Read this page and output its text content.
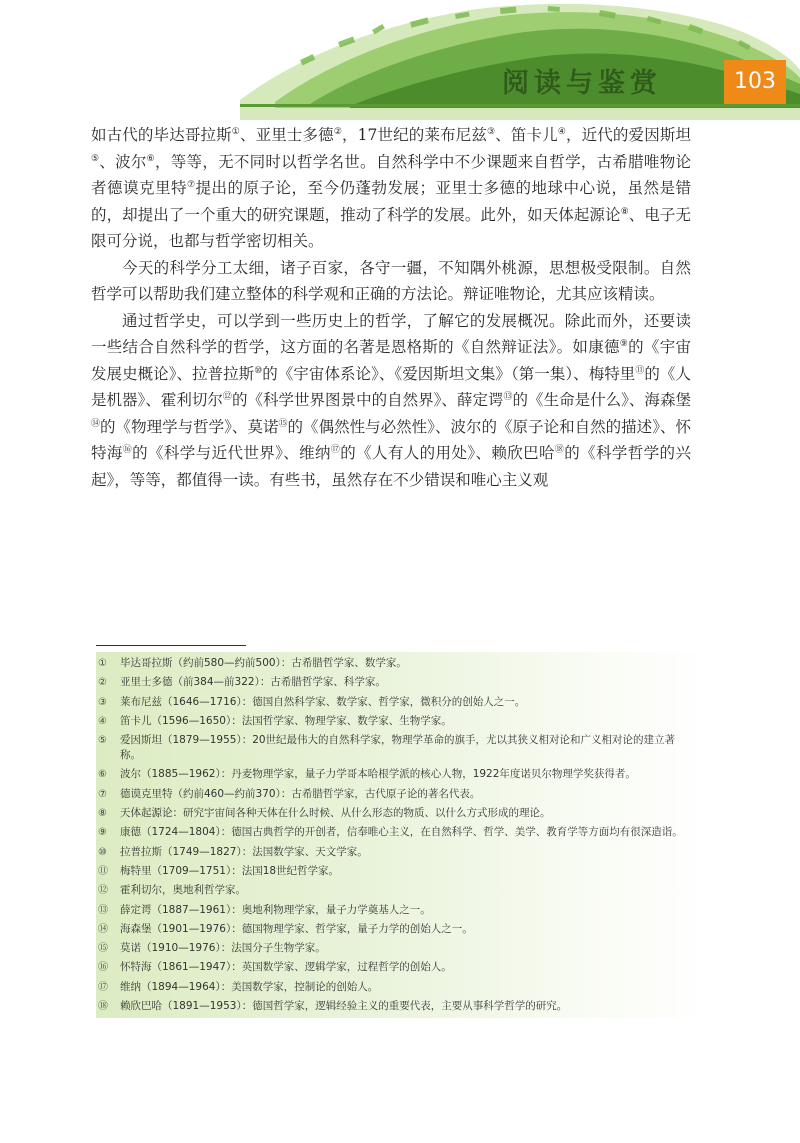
阅读与鉴赏	103

如古代的毕达哥拉斯①、亚里士多德②，17世纪的莱布尼兹③、笛卡儿④，近代的爱因斯坦⑤、波尔⑥，等等，无不同时以哲学名世。自然科学中不少课题来自哲学，古希腊唯物论者德谟克里特⑦提出的原子论，至今仍蓬勃发展；亚里士多德的地球中心说，虽然是错的，却提出了一个重大的研究课题，推动了科学的发展。此外，如天体起源论⑧、电子无限可分说，也都与哲学密切相关。

今天的科学分工太细，诸子百家，各守一疆，不知隅外桃源，思想极受限制。自然哲学可以帮助我们建立整体的科学观和正确的方法论。辩证唯物论，尤其应该精读。

通过哲学史，可以学到一些历史上的哲学，了解它的发展概况。除此而外，还要读一些结合自然科学的哲学，这方面的名著是恩格斯的《自然辩证法》。如康德⑨的《宇宙发展史概论》、拉普拉斯⑩的《宇宙体系论》、《爱因斯坦文集》（第一集）、梅特里⑪的《人是机器》、霍利切尔⑫的《科学世界图景中的自然界》、薛定谔⑬的《生命是什么》、海森堡⑭的《物理学与哲学》、莫诺⑮的《偶然性与必然性》、波尔的《原子论和自然的描述》、怀特海⑯的《科学与近代世界》、维纳⑰的《人有人的用处》、赖欣巴哈⑱的《科学哲学的兴起》，等等，都值得一读。有些书，虽然存在不少错误和唯心主义观

① 毕达哥拉斯（约前580—约前500）：古希腊哲学家、数学家。
② 亚里士多德（前384—前322）：古希腊哲学家、科学家。
③ 莱布尼兹（1646—1716）：德国自然科学家、数学家、哲学家，微积分的创始人之一。
④ 笛卡儿（1596—1650）：法国哲学家、物理学家、数学家、生物学家。
⑤ 爱因斯坦（1879—1955）：20世纪最伟大的自然科学家，物理学革命的旗手，尤以其狭义相对论和广义相对论的建立著称。
⑥ 波尔（1885—1962）：丹麦物理学家，量子力学哥本哈根学派的核心人物，1922年度诺贝尔物理学奖获得者。
⑦ 德谟克里特（约前460—约前370）：古希腊哲学家，古代原子论的著名代表。
⑧ 天体起源论：研究宇宙间各种天体在什么时候、从什么形态的物质、以什么方式形成的理论。
⑨ 康德（1724—1804）：德国古典哲学的开创者，信奉唯心主义，在自然科学、哲学、美学、教育学等方面均有很深造诣。
⑩ 拉普拉斯（1749—1827）：法国数学家、天文学家。
⑪ 梅特里（1709—1751）：法国18世纪哲学家。
⑫ 霍利切尔，奥地利哲学家。
⑬ 薛定谔（1887—1961）：奥地利物理学家，量子力学奠基人之一。
⑭ 海森堡（1901—1976）：德国物理学家、哲学家，量子力学的创始人之一。
⑮ 莫诺（1910—1976）：法国分子生物学家。
⑯ 怀特海（1861—1947）：英国数学家、逻辑学家，过程哲学的创始人。
⑰ 维纳（1894—1964）：美国数学家，控制论的创始人。
⑱ 赖欣巴哈（1891—1953）：德国哲学家，逻辑经验主义的重要代表，主要从事科学哲学的研究。
